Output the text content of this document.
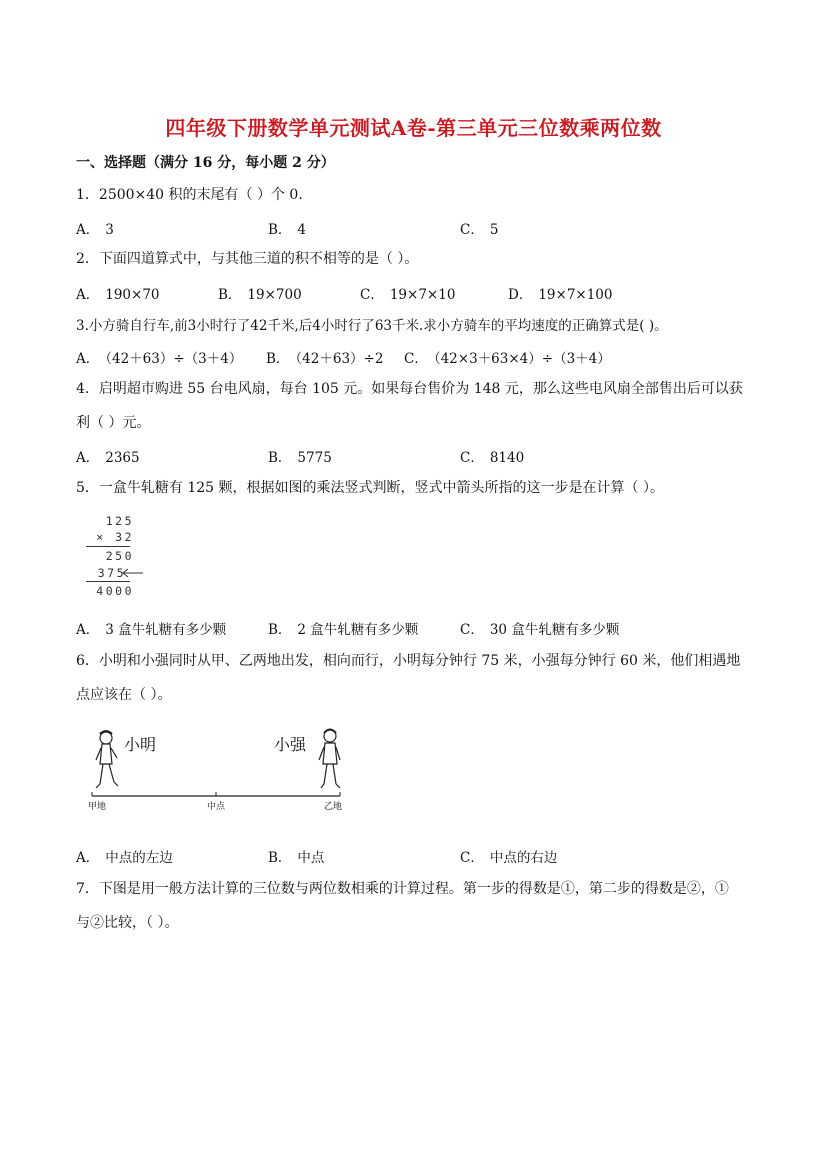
四年级下册数学单元测试A卷-第三单元三位数乘两位数
一、选择题（满分 16 分，每小题 2 分）
1．2500×40 积的末尾有（ ）个 0．
A． 3	B． 4	C． 5
2．下面四道算式中，与其他三道的积不相等的是（ ）。
A． 190×70	B． 19×700	C． 19×7×10	D． 19×7×100
3.小方骑自行车,前3小时行了42千米,后4小时行了63千米.求小方骑车的平均速度的正确算式是( )。
A． （42＋63）÷（3＋4） B． （42＋63）÷2 C． （42×3＋63×4）÷（3＋4）
4．启明超市购进 55 台电风扇，每台 105 元。如果每台售价为 148 元，那么这些电风扇全部售出后可以获
利（ ）元。
A． 2365	B． 5775	C． 8140
5．一盒牛轧糖有 125 颗，根据如图的乘法竖式判断，竖式中箭头所指的这一步是在计算（ ）。
125
× 32
250
375
4000
A． 3 盒牛轧糖有多少颗	B． 2 盒牛轧糖有多少颗	C． 30 盒牛轧糖有多少颗
6．小明和小强同时从甲、乙两地出发，相向而行，小明每分钟行 75 米，小强每分钟行 60 米，他们相遇地
点应该在（ ）。
小明	小强
甲地	中点	乙地
A． 中点的左边	B． 中点	C． 中点的右边
7．下图是用一般方法计算的三位数与两位数相乘的计算过程。第一步的得数是①，第二步的得数是②，①
与②比较，（ ）。
